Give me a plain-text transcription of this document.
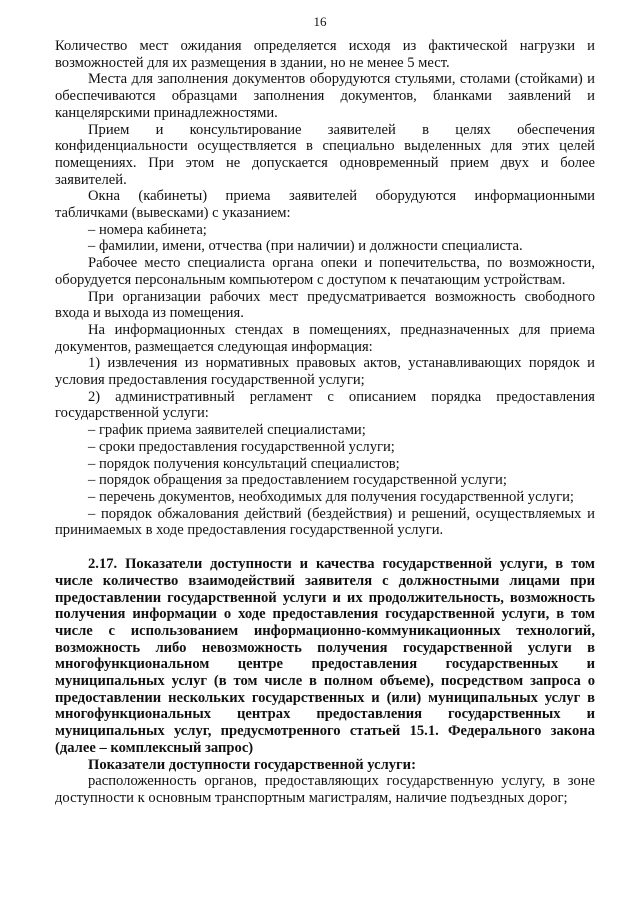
16

Количество мест ожидания определяется исходя из фактической нагрузки и возможностей для их размещения в здании, но не менее 5 мест.

Места для заполнения документов оборудуются стульями, столами (стойками) и обеспечиваются образцами заполнения документов, бланками заявлений и канцелярскими принадлежностями.

Прием и консультирование заявителей в целях обеспечения конфиденциальности осуществляется в специально выделенных для этих целей помещениях. При этом не допускается одновременный прием двух и более заявителей.

Окна (кабинеты) приема заявителей оборудуются информационными табличками (вывесками) с указанием:

– номера кабинета;

– фамилии, имени, отчества (при наличии) и должности специалиста.

Рабочее место специалиста органа опеки и попечительства, по возможности, оборудуется персональным компьютером с доступом к печатающим устройствам.

При организации рабочих мест предусматривается возможность свободного входа и выхода из помещения.

На информационных стендах в помещениях, предназначенных для приема документов, размещается следующая информация:

1) извлечения из нормативных правовых актов, устанавливающих порядок и условия предоставления государственной услуги;

2) административный регламент с описанием порядка предоставления государственной услуги:

– график приема заявителей специалистами;

– сроки предоставления государственной услуги;

– порядок получения консультаций специалистов;

– порядок обращения за предоставлением государственной услуги;

– перечень документов, необходимых для получения государственной услуги;

– порядок обжалования действий (бездействия) и решений, осуществляемых и принимаемых в ходе предоставления государственной услуги.

2.17. Показатели доступности и качества государственной услуги, в том числе количество взаимодействий заявителя с должностными лицами при предоставлении государственной услуги и их продолжительность, возможность получения информации о ходе предоставления государственной услуги, в том числе с использованием информационно-коммуникационных технологий, возможность либо невозможность получения государственной услуги в многофункциональном центре предоставления государственных и муниципальных услуг (в том числе в полном объеме), посредством запроса о предоставлении нескольких государственных и (или) муниципальных услуг в многофункциональных центрах предоставления государственных и муниципальных услуг, предусмотренного статьей 15.1. Федерального закона (далее – комплексный запрос)

Показатели доступности государственной услуги:

расположенность органов, предоставляющих государственную услугу, в зоне доступности к основным транспортным магистралям, наличие подъездных дорог;
